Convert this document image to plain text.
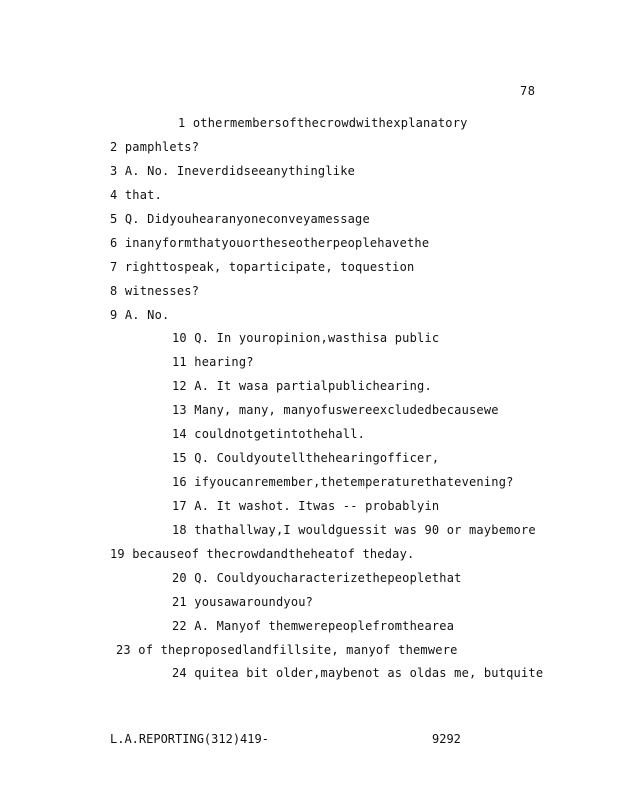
78
1 othermembersofthecrowdwithexplanatory
2 pamphlets?
3 A. No. Ineverdidseeanythinglike
4 that.
5 Q. Didyouhearanyoneconveyamessage
6 inanyformthatyouortheseotherpeoplehavethe
7 righttospeak, toparticipate, toquestion
8 witnesses?
9 A. No.
10 Q. In youropinion,wasthisa public
11 hearing?
12 A. It wasa partialpublichearing.
13 Many, many, manyofuswereexcludedbecausewe
14 couldnotgetintothehall.
15 Q. Couldyoutellthehearingofficer,
16 ifyoucanremember,thetemperaturethatevening?
17 A. It washot. Itwas -- probablyin
18 thathallway,I wouldguessit was 90 or maybemore
19 becauseof thecrowdandtheheatof theday.
20 Q. Couldyoucharacterizethepeoplethat
21 yousawaroundyou?
22 A. Manyof themwerepeoplefromthearea
23 of theproposedlandfillsite, manyof themwere
24 quitea bit older,maybenot as oldas me, butquite
L.A.REPORTING(312)419-	9292
